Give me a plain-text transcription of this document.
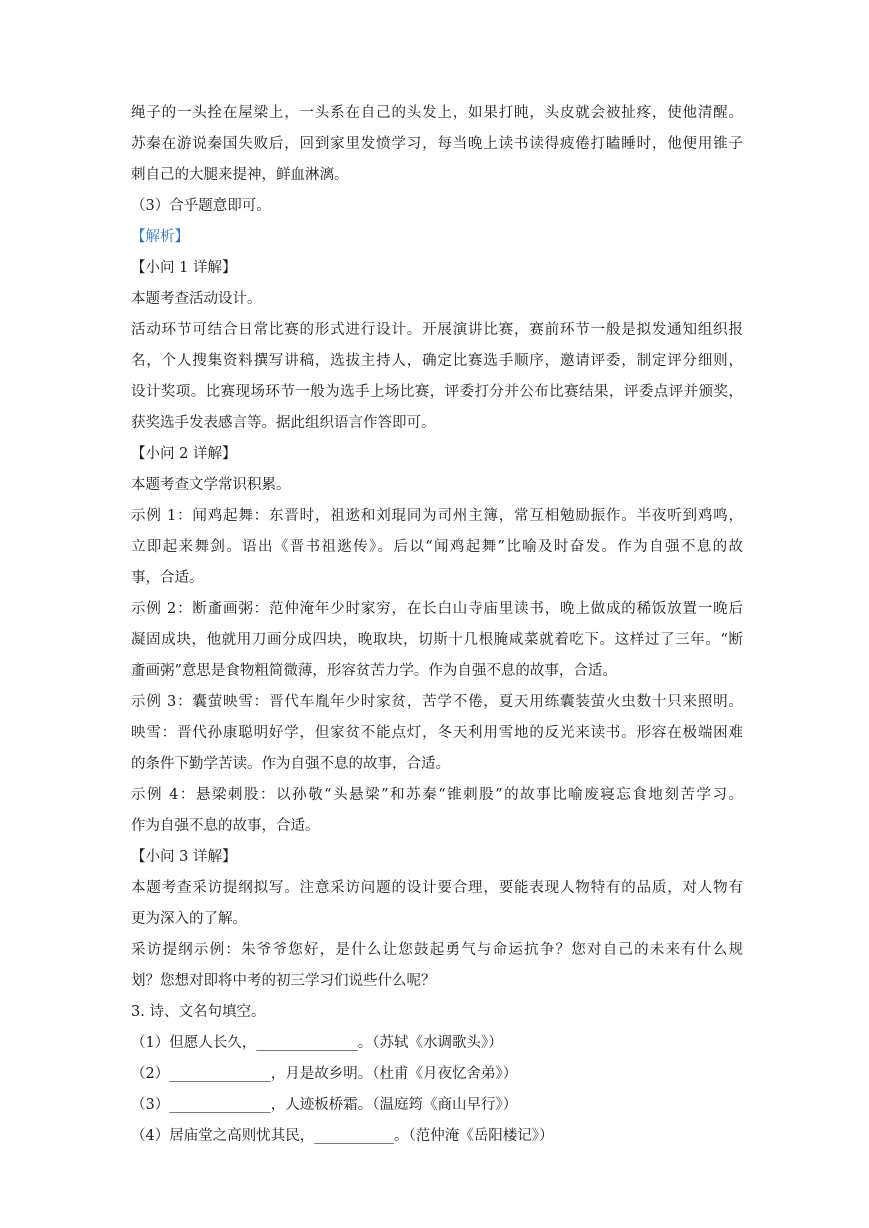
绳子的一头拴在屋梁上，一头系在自己的头发上，如果打盹，头皮就会被扯疼，使他清醒。
苏秦在游说秦国失败后，回到家里发愤学习，每当晚上读书读得疲倦打瞌睡时，他便用锥子
刺自己的大腿来提神，鲜血淋漓。
（3）合乎题意即可。
【解析】
【小问 1 详解】
本题考查活动设计。
活动环节可结合日常比赛的形式进行设计。开展演讲比赛，赛前环节一般是拟发通知组织报
名，个人搜集资料撰写讲稿，选拔主持人，确定比赛选手顺序，邀请评委，制定评分细则，
设计奖项。比赛现场环节一般为选手上场比赛，评委打分并公布比赛结果，评委点评并颁奖，
获奖选手发表感言等。据此组织语言作答即可。
【小问 2 详解】
本题考查文学常识积累。
示例 1：闻鸡起舞：东晋时，祖逖和刘琨同为司州主簿，常互相勉励振作。半夜听到鸡鸣，
立即起来舞剑。语出《晋书祖逖传》。后以“闻鸡起舞”比喻及时奋发。作为自强不息的故
事，合适。
示例 2：断齑画粥：范仲淹年少时家穷，在长白山寺庙里读书，晚上做成的稀饭放置一晚后
凝固成块，他就用刀画分成四块，晚取块，切斯十几根腌咸菜就着吃下。这样过了三年。“断
齑画粥”意思是食物粗简微薄，形容贫苦力学。作为自强不息的故事，合适。
示例 3：囊萤映雪：晋代车胤年少时家贫，苦学不倦，夏天用练囊装萤火虫数十只来照明。
映雪：晋代孙康聪明好学，但家贫不能点灯，冬天利用雪地的反光来读书。形容在极端困难
的条件下勤学苦读。作为自强不息的故事，合适。
示例 4：悬梁刺股：以孙敬“头悬梁”和苏秦“锥刺股”的故事比喻废寝忘食地刻苦学习。
作为自强不息的故事，合适。
【小问 3 详解】
本题考查采访提纲拟写。注意采访问题的设计要合理，要能表现人物特有的品质，对人物有
更为深入的了解。
采访提纲示例：朱爷爷您好，是什么让您鼓起勇气与命运抗争？您对自己的未来有什么规
划？您想对即将中考的初三学习们说些什么呢？
3. 诗、文名句填空。
（1）但愿人长久，______________。（苏轼《水调歌头》）
（2）______________，月是故乡明。（杜甫《月夜忆舍弟》）
（3）______________，人迹板桥霜。（温庭筠《商山早行》）
（4）居庙堂之高则忧其民，___________。（范仲淹《岳阳楼记》）
